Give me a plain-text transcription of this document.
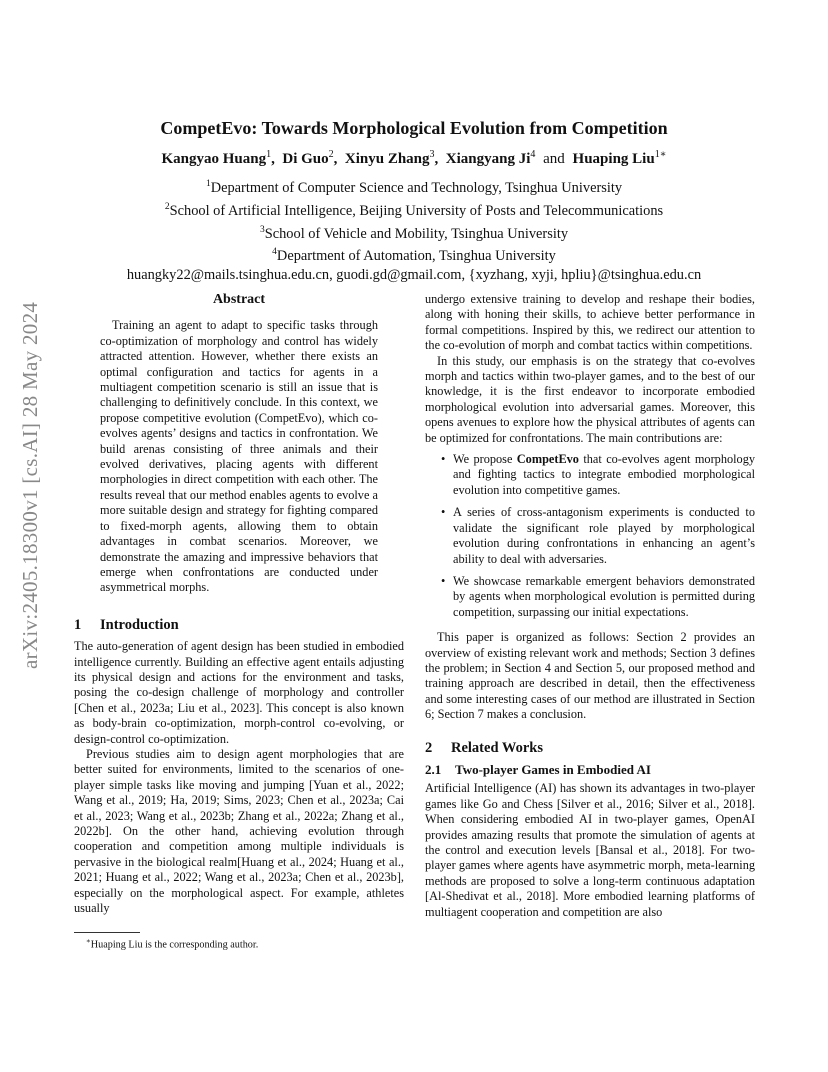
arXiv:2405.18300v1 [cs.AI] 28 May 2024
CompetEvo: Towards Morphological Evolution from Competition
Kangyao Huang$^1$,  Di Guo$^2$,  Xinyu Zhang$^3$,  Xiangyang Ji$^4$ and Huaping Liu$^{1∗}$
$^1$Department of Computer Science and Technology, Tsinghua University
$^2$School of Artificial Intelligence, Beijing University of Posts and Telecommunications
$^3$School of Vehicle and Mobility, Tsinghua University
$^4$Department of Automation, Tsinghua University
huangky22@mails.tsinghua.edu.cn, guodi.gd@gmail.com, {xyzhang, xyji, hpliu}@tsinghua.edu.cn
Abstract

Training an agent to adapt to specific tasks through co-optimization of morphology and control has widely attracted attention. However, whether there exists an optimal configuration and tactics for agents in a multiagent competition scenario is still an issue that is challenging to definitively conclude. In this context, we propose competitive evolution (CompetEvo), which co-evolves agents’ designs and tactics in confrontation. We build arenas consisting of three animals and their evolved derivatives, placing agents with different morphologies in direct competition with each other. The results reveal that our method enables agents to evolve a more suitable design and strategy for fighting compared to fixed-morph agents, allowing them to obtain advantages in combat scenarios. Moreover, we demonstrate the amazing and impressive behaviors that emerge when confrontations are conducted under asymmetrical morphs.

1 Introduction

The auto-generation of agent design has been studied in embodied intelligence currently. Building an effective agent entails adjusting its physical design and actions for the environment and tasks, posing the co-design challenge of morphology and controller [Chen et al., 2023a; Liu et al., 2023]. This concept is also known as body-brain co-optimization, morph-control co-evolving, or design-control co-optimization.

Previous studies aim to design agent morphologies that are better suited for environments, limited to the scenarios of one-player simple tasks like moving and jumping [Yuan et al., 2022; Wang et al., 2019; Ha, 2019; Sims, 2023; Chen et al., 2023a; Cai et al., 2023; Wang et al., 2023b; Zhang et al., 2022a; Zhang et al., 2022b]. On the other hand, achieving evolution through cooperation and competition among multiple individuals is pervasive in the biological realm[Huang et al., 2024; Huang et al., 2021; Huang et al., 2022; Wang et al., 2023a; Chen et al., 2023b], especially on the morphological aspect. For example, athletes usually

undergo extensive training to develop and reshape their bodies, along with honing their skills, to achieve better performance in formal competitions. Inspired by this, we redirect our attention to the co-evolution of morph and combat tactics within competitions.

In this study, our emphasis is on the strategy that co-evolves morph and tactics within two-player games, and to the best of our knowledge, it is the first endeavor to incorporate embodied morphological evolution into adversarial games. Moreover, this opens avenues to explore how the physical attributes of agents can be optimized for confrontations. The main contributions are:

• We propose CompetEvo that co-evolves agent morphology and fighting tactics to integrate embodied morphological evolution into competitive games.
• A series of cross-antagonism experiments is conducted to validate the significant role played by morphological evolution during confrontations in enhancing an agent’s ability to deal with adversaries.
• We showcase remarkable emergent behaviors demonstrated by agents when morphological evolution is permitted during competition, surpassing our initial expectations.

This paper is organized as follows: Section 2 provides an overview of existing relevant work and methods; Section 3 defines the problem; in Section 4 and Section 5, our proposed method and training approach are described in detail, then the effectiveness and some interesting cases of our method are illustrated in Section 6; Section 7 makes a conclusion.

2 Related Works
2.1 Two-player Games in Embodied AI

Artificial Intelligence (AI) has shown its advantages in two-player games like Go and Chess [Silver et al., 2016; Silver et al., 2018]. When considering embodied AI in two-player games, OpenAI provides amazing results that promote the simulation of agents at the control and execution levels [Bansal et al., 2018]. For two-player games where agents have asymmetric morph, meta-learning methods are proposed to solve a long-term continuous adaptation [Al-Shedivat et al., 2018]. More embodied learning platforms of multiagent cooperation and competition are also

∗Huaping Liu is the corresponding author.
